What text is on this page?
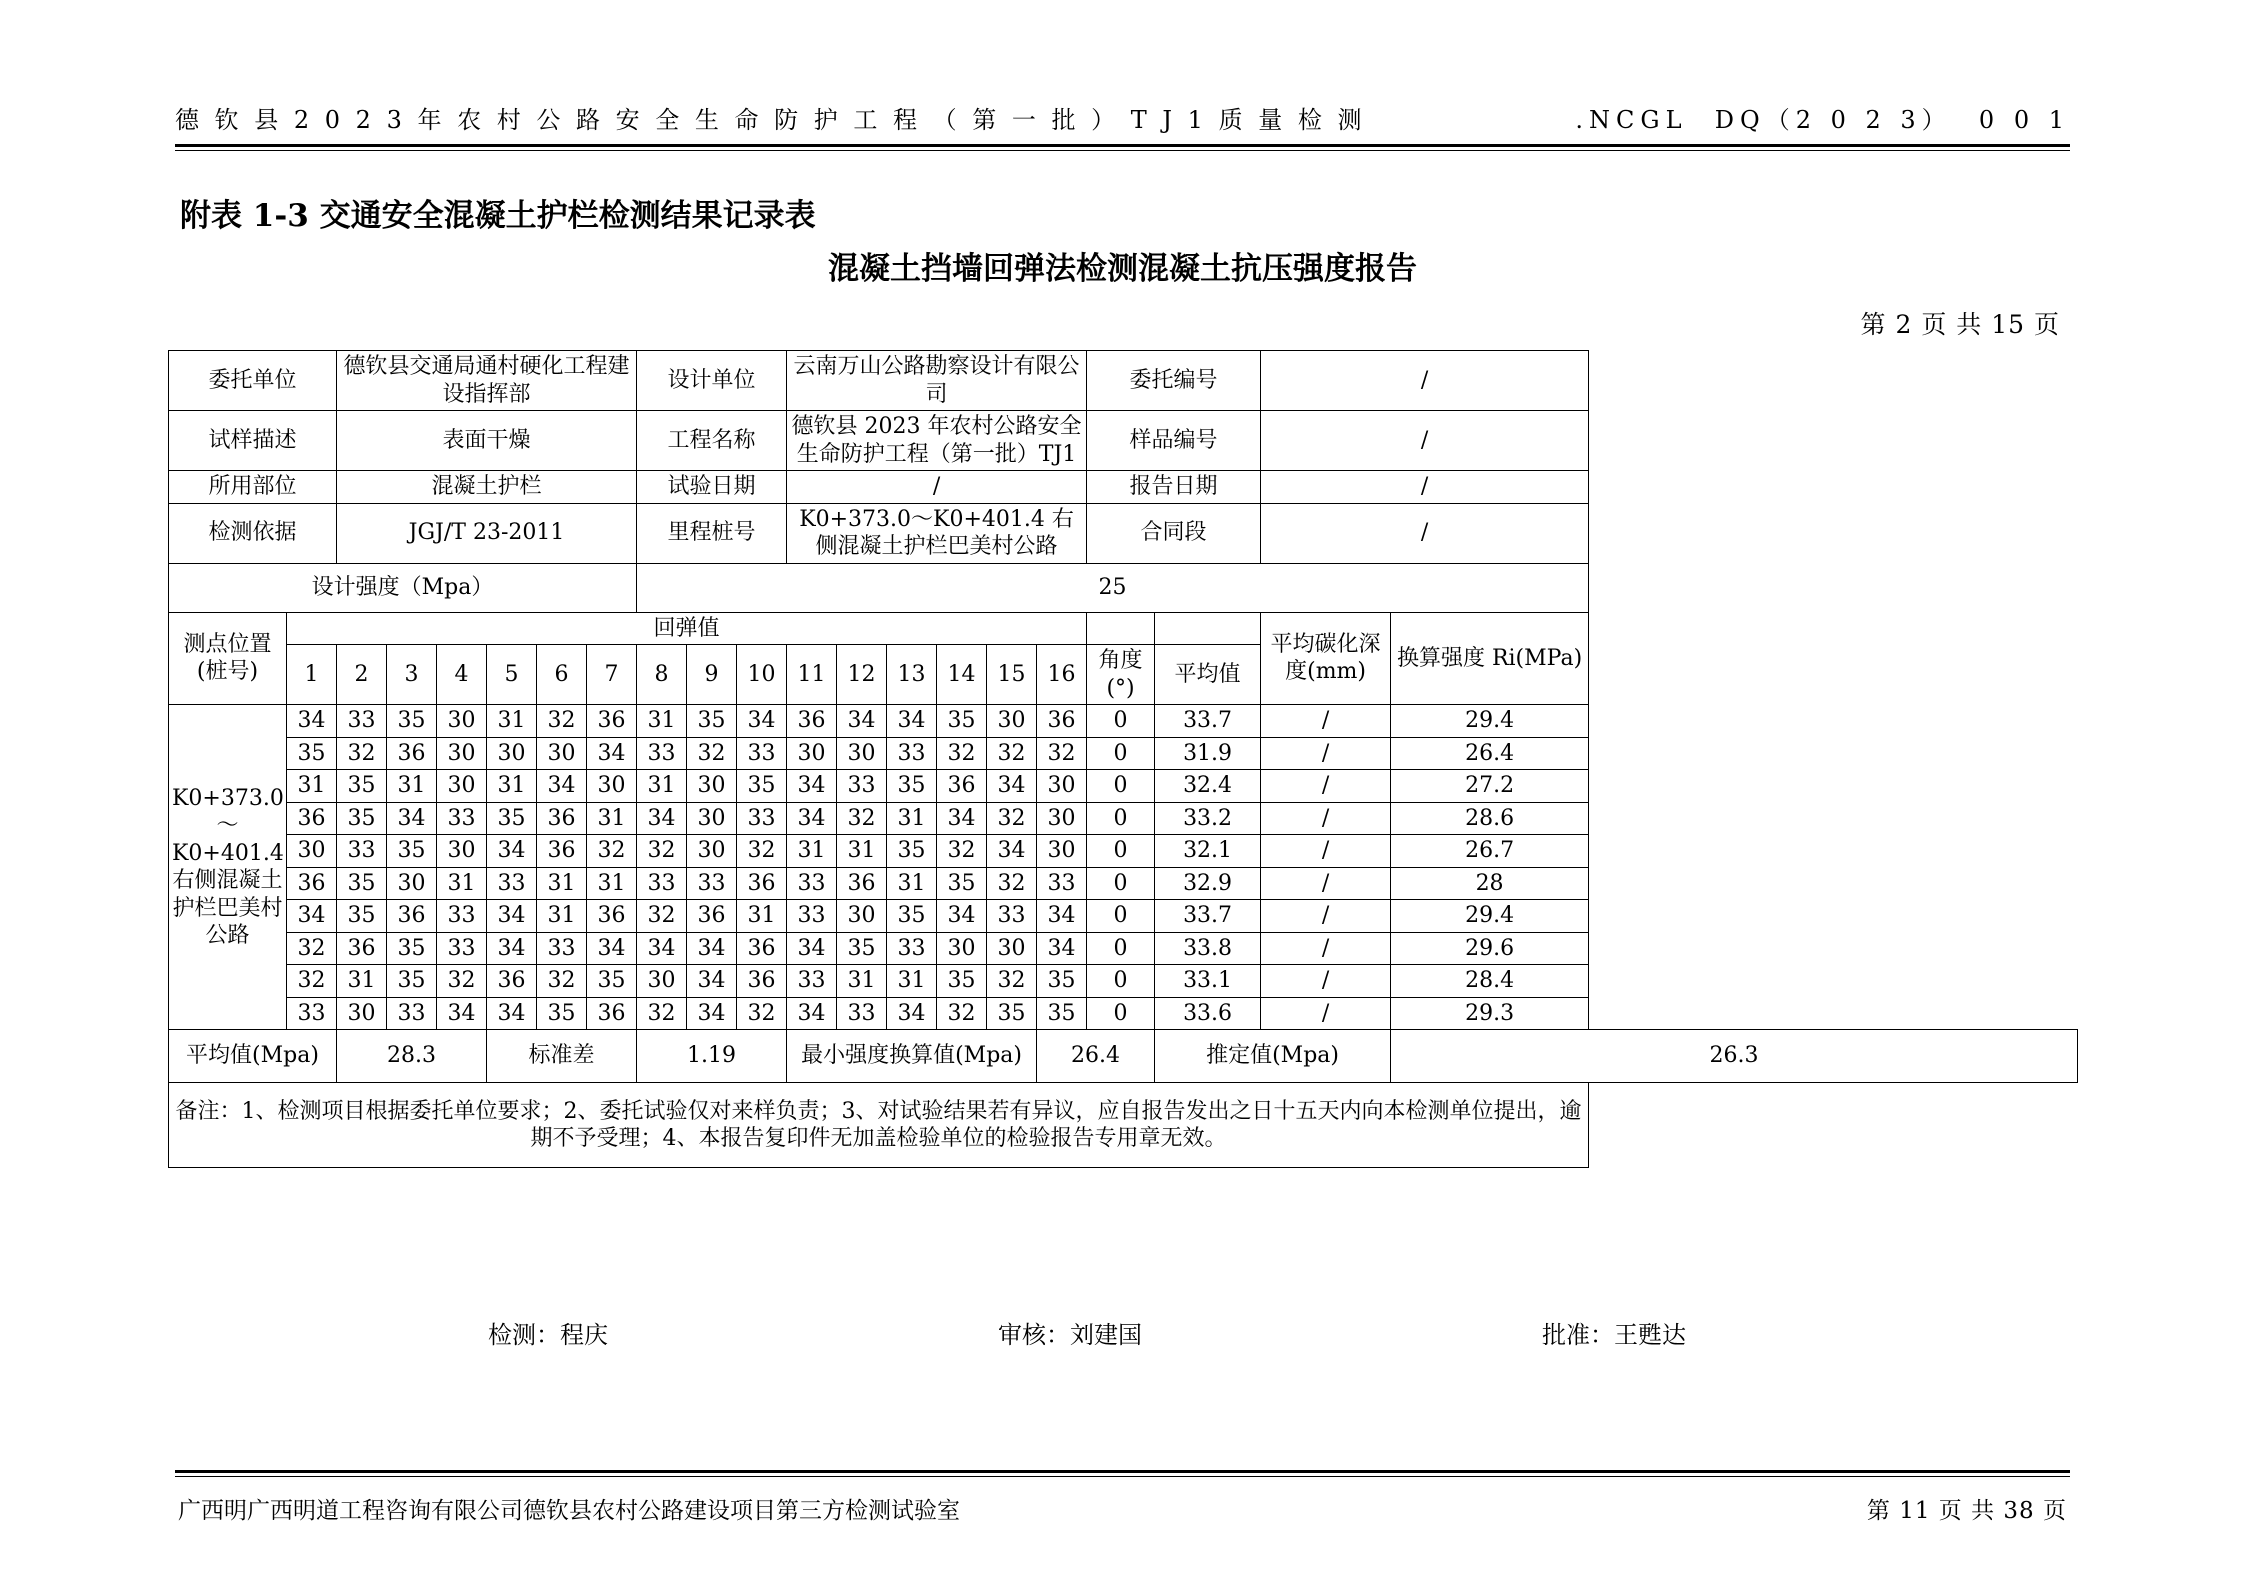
德 钦 县 2 0 2 3 年 农 村 公 路 安 全 生 命 防 护 工 程 （ 第 一 批 ） T J 1 质 量 检 测	.NCGL  DQ（2 0 2 3）  0 0 1
附表 1-3 交通安全混凝土护栏检测结果记录表
混凝土挡墙回弹法检测混凝土抗压强度报告
第 2 页 共 15 页
委托单位		德钦县交通局通村硬化工程建设指挥部						设计单位			云南万山公路勘察设计有限公司						委托编号		/	
试样描述		表面干燥						工程名称			德钦县 2023 年农村公路安全生命防护工程（第一批）TJ1						样品编号		/	
所用部位		混凝土护栏						试验日期			/						报告日期		/	
检测依据		JGJ/T 23-2011						里程桩号			K0+373.0～K0+401.4 右侧混凝土护栏巴美村公路						合同段		/	
设计强度（Mpa）								25												
测点位置(桩号)	回弹值																		平均碳化深度(mm)	换算强度 Ri(MPa)
	1	2	3	4	5	6	7	8	9	10	11	12	13	14	15	16	角度(°)	平均值		
K0+373.0～K0+401.4 右侧混凝土护栏巴美村公路	34	33	35	30	31	32	36	31	35	34	36	34	34	35	30	36	0	33.7	/	29.4
	35	32	36	30	30	30	34	33	32	33	30	30	33	32	32	32	0	31.9	/	26.4
	31	35	31	30	31	34	30	31	30	35	34	33	35	36	34	30	0	32.4	/	27.2
	36	35	34	33	35	36	31	34	30	33	34	32	31	34	32	30	0	33.2	/	28.6
	30	33	35	30	34	36	32	32	30	32	31	31	35	32	34	30	0	32.1	/	26.7
	36	35	30	31	33	31	31	33	33	36	33	36	31	35	32	33	0	32.9	/	28
	34	35	36	33	34	31	36	32	36	31	33	30	35	34	33	34	0	33.7	/	29.4
	32	36	35	33	34	33	34	34	34	36	34	35	33	30	30	34	0	33.8	/	29.6
	32	31	35	32	36	32	35	30	34	36	33	31	31	35	32	35	0	33.1	/	28.4
	33	30	33	34	34	35	36	32	34	32	34	33	34	32	35	35	0	33.6	/	29.3
平均值(Mpa)		28.3			标准差			1.19			最小强度换算值(Mpa)					26.4		推定值(Mpa)		26.3
备注：1、检测项目根据委托单位要求；2、委托试验仅对来样负责；3、对试验结果若有异议，应自报告发出之日十五天内向本检测单位提出，逾期不予受理；4、本报告复印件无加盖检验单位的检验报告专用章无效。																				
检测：程庆	审核：刘建国	批准：王甦达
广西明广西明道工程咨询有限公司德钦县农村公路建设项目第三方检测试验室	第 11 页 共 38 页
